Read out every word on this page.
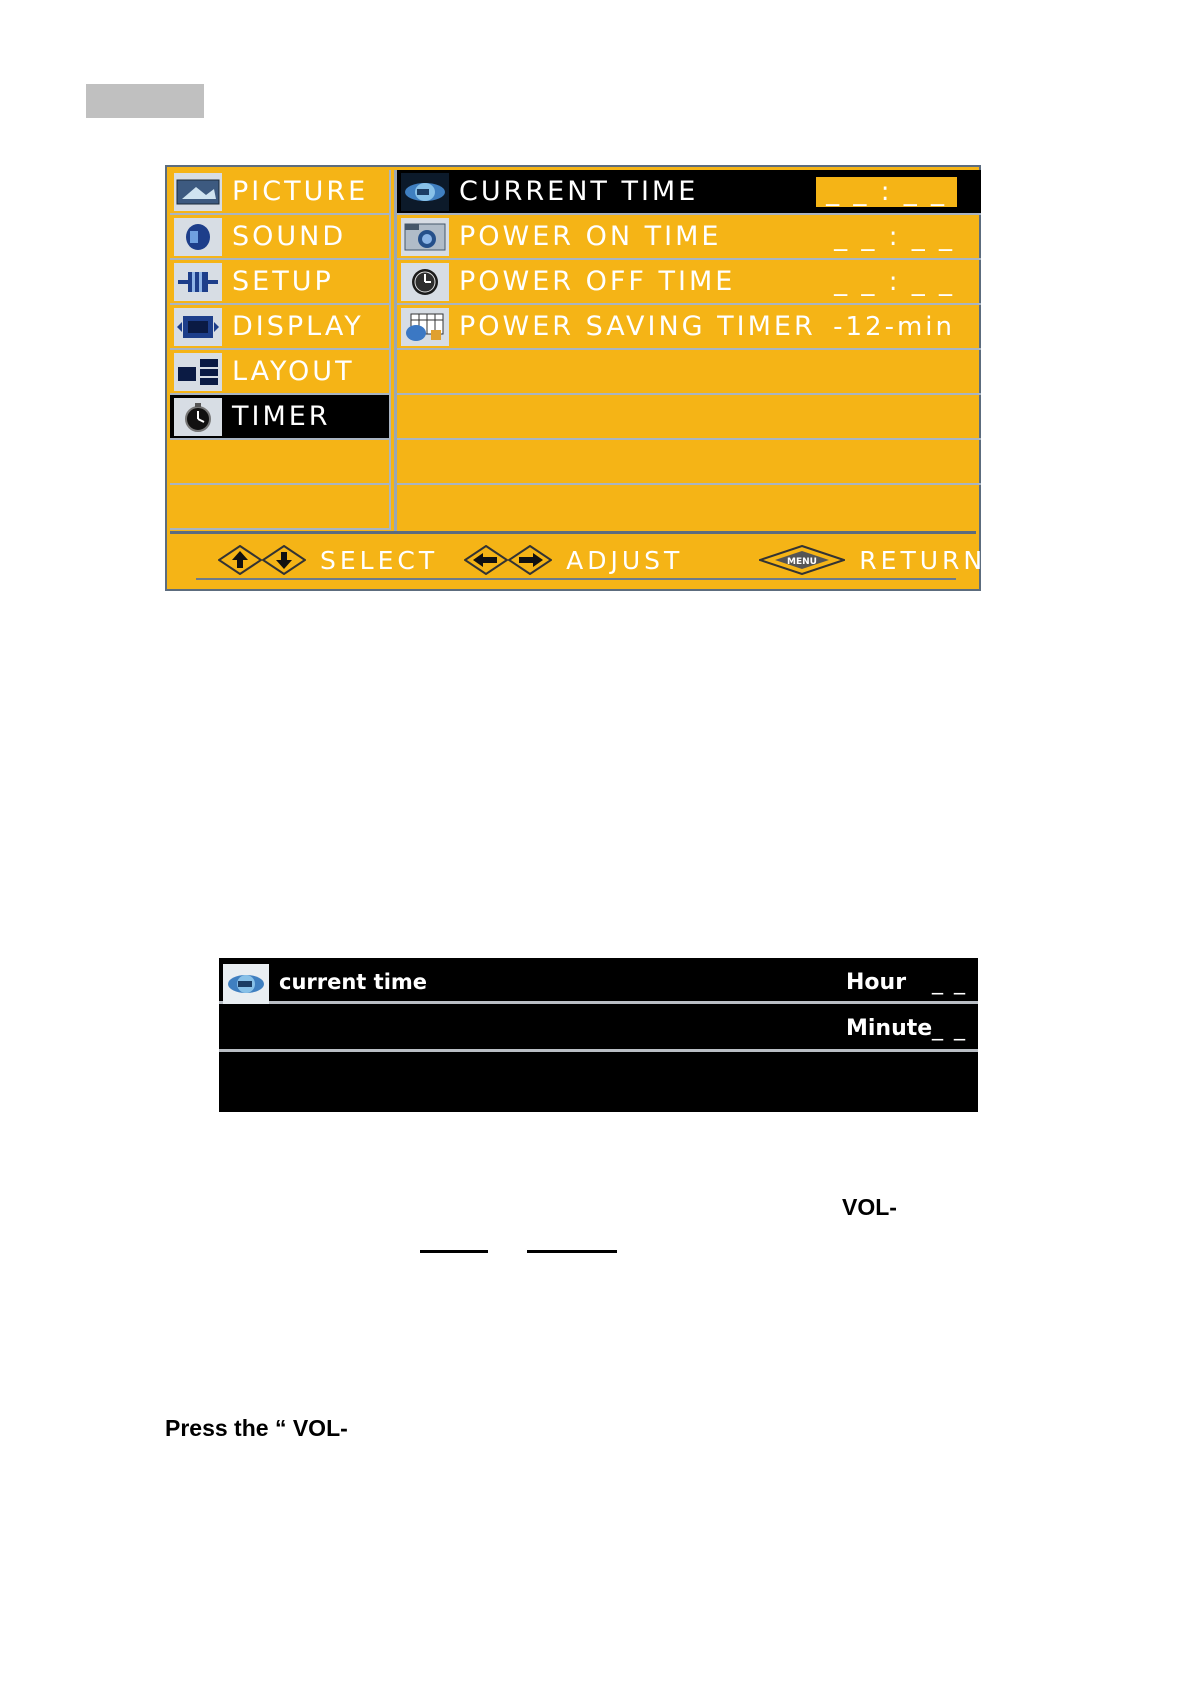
PICTURE
SOUND
SETUP
DISPLAY
LAYOUT
TIMER
CURRENT TIME	_ _ : _ _
POWER ON TIME	_ _ : _ _
POWER OFF TIME	_ _ : _ _
POWER SAVING TIMER -12-min
SELECT	ADJUST	MENU RETURN
current time	Hour _ _
Minute _ _
VOL-
Press the “ VOL-
